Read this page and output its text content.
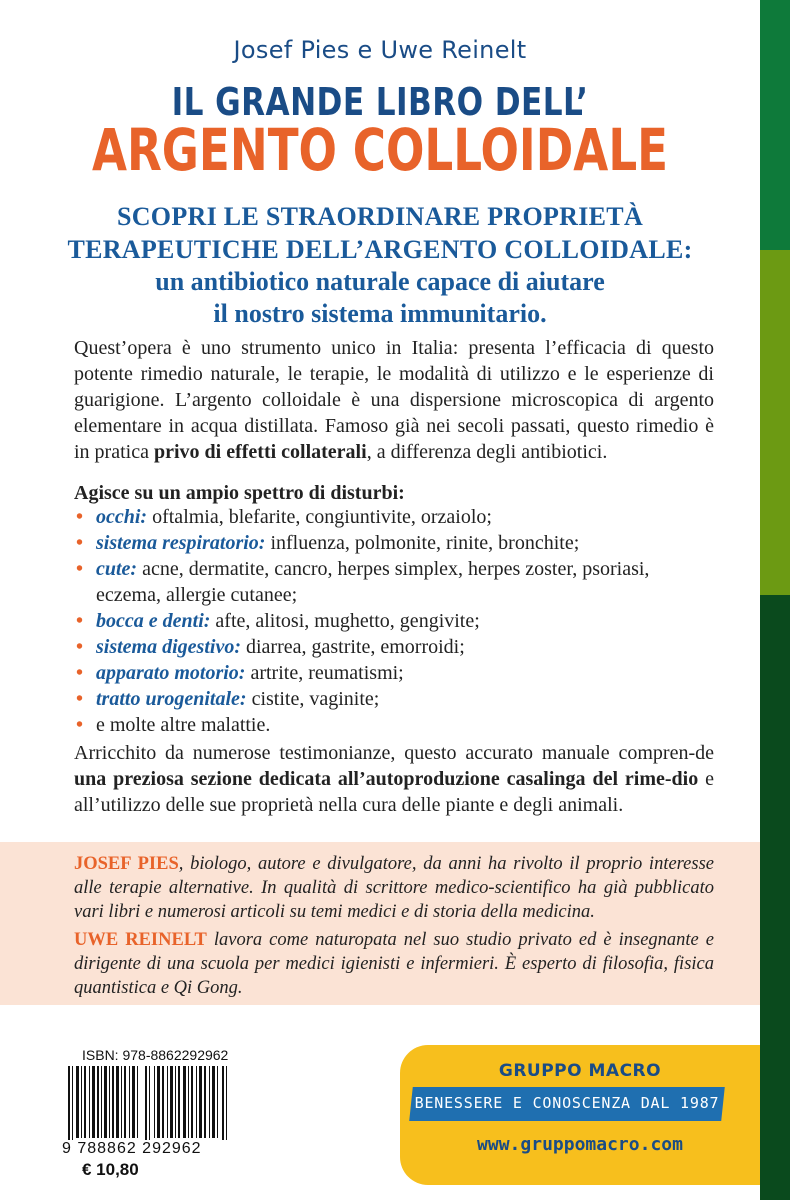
Josef Pies e Uwe Reinelt
IL GRANDE LIBRO DELL’
ARGENTO COLLOIDALE
SCOPRI LE STRAORDINARE PROPRIETÀ
TERAPEUTICHE DELL’ARGENTO COLLOIDALE:
un antibiotico naturale capace di aiutare
il nostro sistema immunitario.
Quest’opera è uno strumento unico in Italia: presenta l’efficacia di questo potente rimedio naturale, le terapie, le modalità di utilizzo e le esperienze di guarigione. L’argento colloidale è una dispersione microscopica di argento elementare in acqua distillata. Famoso già nei secoli passati, questo rimedio è in pratica privo di effetti collaterali, a differenza degli antibiotici.
Agisce su un ampio spettro di disturbi:
• occhi: oftalmia, blefarite, congiuntivite, orzaiolo;
• sistema respiratorio: influenza, polmonite, rinite, bronchite;
• cute: acne, dermatite, cancro, herpes simplex, herpes zoster, psoriasi, eczema, allergie cutanee;
• bocca e denti: afte, alitosi, mughetto, gengivite;
• sistema digestivo: diarrea, gastrite, emorroidi;
• apparato motorio: artrite, reumatismi;
• tratto urogenitale: cistite, vaginite;
• e molte altre malattie.
Arricchito da numerose testimonianze, questo accurato manuale compren-de una preziosa sezione dedicata all’autoproduzione casalinga del rime-dio e all’utilizzo delle sue proprietà nella cura delle piante e degli animali.
JOSEF PIES, biologo, autore e divulgatore, da anni ha rivolto il proprio interesse alle terapie alternative. In qualità di scrittore medico-scientifico ha già pubblicato vari libri e numerosi articoli su temi medici e di storia della medicina.
UWE REINELT lavora come naturopata nel suo studio privato ed è insegnante e dirigente di una scuola per medici igienisti e infermieri. È esperto di filosofia, fisica quantistica e Qi Gong.
ISBN: 978-8862292962
9 788862 292962
€ 10,80
GRUPPO MACRO
BENESSERE E CONOSCENZA DAL 1987
www.gruppomacro.com
